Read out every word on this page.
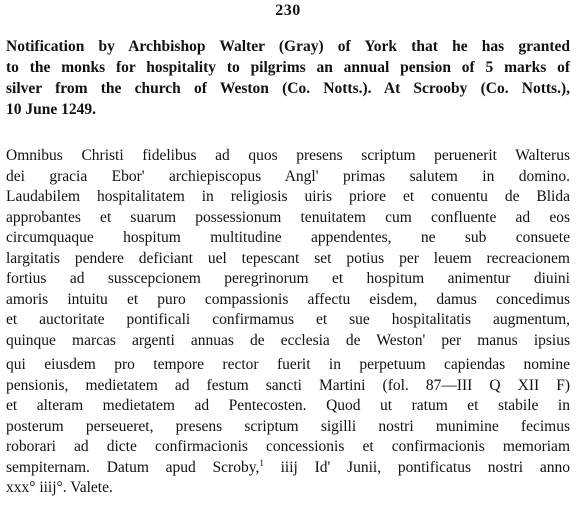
230
Notification by Archbishop Walter (Gray) of York that he has granted
to the monks for hospitality to pilgrims an annual pension of 5 marks of
silver from the church of Weston (Co. Notts.). At Scrooby (Co. Notts.),
10 June 1249.
Omnibus Christi fidelibus ad quos presens scriptum peruenerit Walterus
dei gracia Ebor' archiepiscopus Angl' primas salutem in domino.
Laudabilem hospitalitatem in religiosis uiris priore et conuentu de Blida
approbantes et suarum possessionum tenuitatem cum confluente ad eos
circumquaque hospitum multitudine appendentes, ne sub consuete
largitatis pendere deficiant uel tepescant set potius per leuem recreacionem
fortius ad susscepcionem peregrinorum et hospitum animentur diuini
amoris intuitu et puro compassionis affectu eisdem, damus concedimus
et auctoritate pontificali confirmamus et sue hospitalitatis augmentum,
quinque marcas argenti annuas de ecclesia de Weston' per manus ipsius
qui eiusdem pro tempore rector fuerit in perpetuum capiendas nomine
pensionis, medietatem ad festum sancti Martini (fol. 87—III Q XII F)
et alteram medietatem ad Pentecosten. Quod ut ratum et stabile in
posterum perseueret, presens scriptum sigilli nostri munimine fecimus
roborari ad dicte confirmacionis concessionis et confirmacionis memoriam
sempiternam. Datum apud Scroby,$^1$ iiij Id' Junii, pontificatus nostri anno
xxx° iiij°. Valete.
